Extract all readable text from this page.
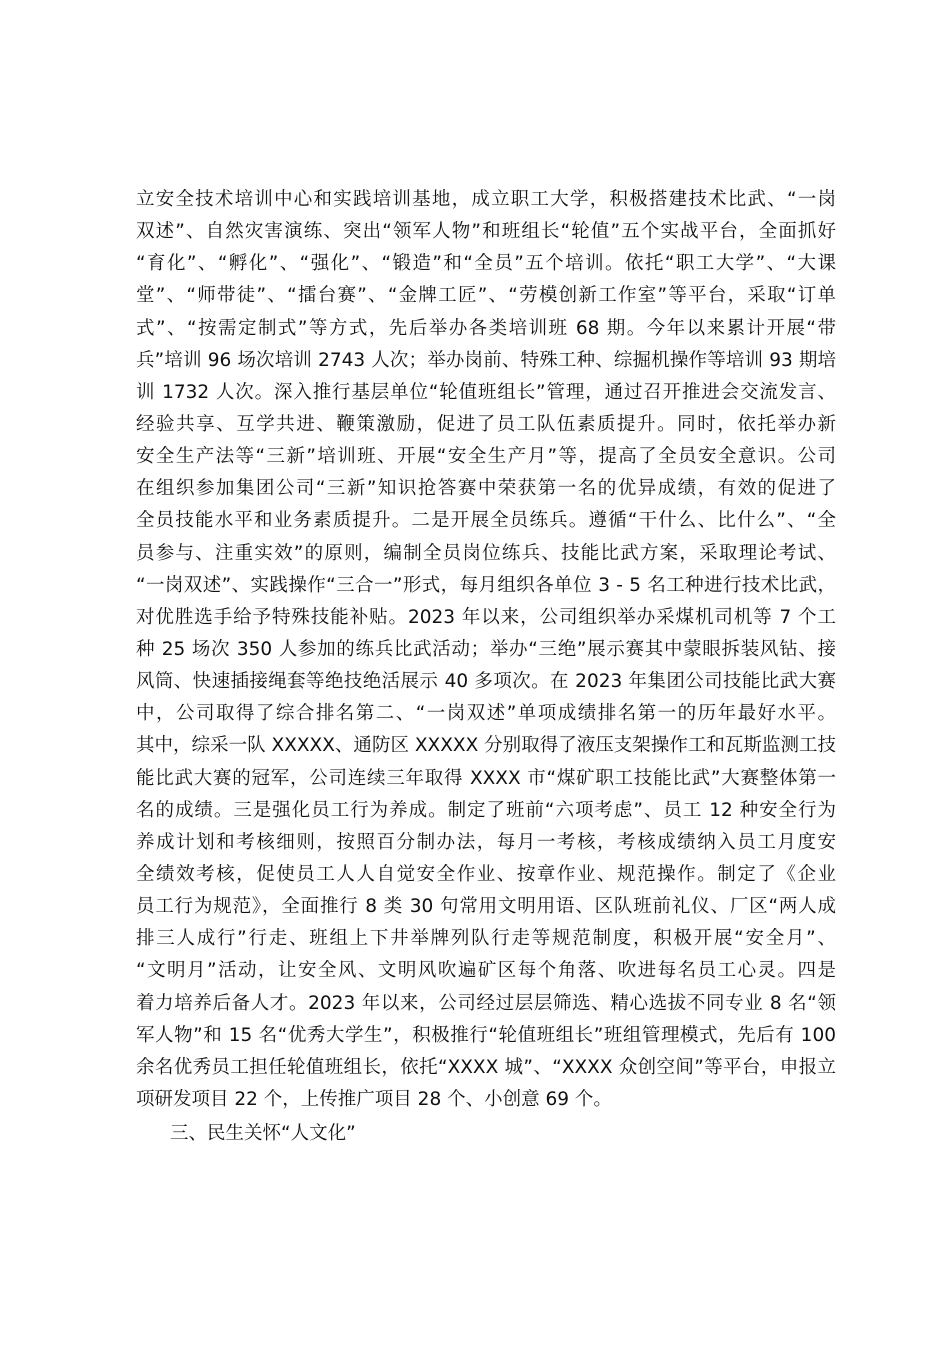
立安全技术培训中心和实践培训基地，成立职工大学，积极搭建技术比武、“一岗
双述”、自然灾害演练、突出“领军人物”和班组长“轮值”五个实战平台，全面抓好
“育化”、“孵化”、“强化”、“锻造”和“全员”五个培训。依托“职工大学”、“大课
堂”、“师带徒”、“擂台赛”、“金牌工匠”、“劳模创新工作室”等平台，采取“订单
式”、“按需定制式”等方式，先后举办各类培训班 68 期。今年以来累计开展“带
兵”培训 96 场次培训 2743 人次；举办岗前、特殊工种、综掘机操作等培训 93 期培
训 1732 人次。深入推行基层单位“轮值班组长”管理，通过召开推进会交流发言、
经验共享、互学共进、鞭策激励，促进了员工队伍素质提升。同时，依托举办新
安全生产法等“三新”培训班、开展“安全生产月”等，提高了全员安全意识。公司
在组织参加集团公司“三新”知识抢答赛中荣获第一名的优异成绩，有效的促进了
全员技能水平和业务素质提升。二是开展全员练兵。遵循“干什么、比什么”、“全
员参与、注重实效”的原则，编制全员岗位练兵、技能比武方案，采取理论考试、
“一岗双述”、实践操作“三合一”形式，每月组织各单位 3 - 5 名工种进行技术比武，
对优胜选手给予特殊技能补贴。2023 年以来，公司组织举办采煤机司机等 7 个工
种 25 场次 350 人参加的练兵比武活动；举办“三绝”展示赛其中蒙眼拆装风钻、接
风筒、快速插接绳套等绝技绝活展示 40 多项次。在 2023 年集团公司技能比武大赛
中，公司取得了综合排名第二、“一岗双述”单项成绩排名第一的历年最好水平。
其中，综采一队 XXXXX、通防区 XXXXX 分别取得了液压支架操作工和瓦斯监测工技
能比武大赛的冠军，公司连续三年取得 XXXX 市“煤矿职工技能比武”大赛整体第一
名的成绩。三是强化员工行为养成。制定了班前“六项考虑”、员工 12 种安全行为
养成计划和考核细则，按照百分制办法，每月一考核，考核成绩纳入员工月度安
全绩效考核，促使员工人人自觉安全作业、按章作业、规范操作。制定了《企业
员工行为规范》，全面推行 8 类 30 句常用文明用语、区队班前礼仪、厂区“两人成
排三人成行”行走、班组上下井举牌列队行走等规范制度，积极开展“安全月”、
“文明月”活动，让安全风、文明风吹遍矿区每个角落、吹进每名员工心灵。四是
着力培养后备人才。2023 年以来，公司经过层层筛选、精心选拔不同专业 8 名“领
军人物”和 15 名“优秀大学生”，积极推行“轮值班组长”班组管理模式，先后有 100
余名优秀员工担任轮值班组长，依托“XXXX 城”、“XXXX 众创空间”等平台，申报立
项研发项目 22 个，上传推广项目 28 个、小创意 69 个。
三、民生关怀“人文化”
